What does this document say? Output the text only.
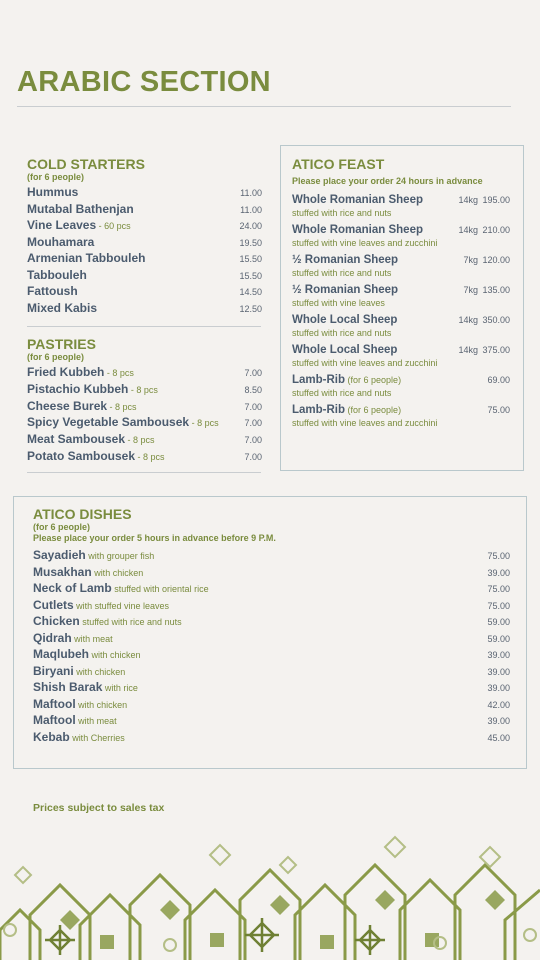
ARABIC SECTION
COLD STARTERS
(for 6 people)
Hummus	11.00
Mutabal Bathenjan	11.00
Vine Leaves - 60 pcs	24.00
Mouhamara	19.50
Armenian Tabbouleh	15.50
Tabbouleh	15.50
Fattoush	14.50
Mixed Kabis	12.50
PASTRIES
(for 6 people)
Fried Kubbeh - 8 pcs	7.00
Pistachio Kubbeh - 8 pcs	8.50
Cheese Burek - 8 pcs	7.00
Spicy Vegetable Sambousek - 8 pcs	7.00
Meat Sambousek - 8 pcs	7.00
Potato Sambousek - 8 pcs	7.00
ATICO FEAST
Please place your order 24 hours in advance
Whole Romanian Sheep	14kg 195.00
stuffed with rice and nuts
Whole Romanian Sheep	14kg 210.00
stuffed with vine leaves and zucchini
½ Romanian Sheep	7kg 120.00
stuffed with rice and nuts
½ Romanian Sheep	7kg 135.00
stuffed with vine leaves
Whole Local Sheep	14kg 350.00
stuffed with rice and nuts
Whole Local Sheep	14kg 375.00
stuffed with vine leaves and zucchini
Lamb-Rib (for 6 people)	69.00
stuffed with rice and nuts
Lamb-Rib (for 6 people)	75.00
stuffed with vine leaves and zucchini
ATICO DISHES
(for 6 people)
Please place your order 5 hours in advance before 9 P.M.
Sayadieh with grouper fish	75.00
Musakhan with chicken	39.00
Neck of Lamb stuffed with oriental rice	75.00
Cutlets with stuffed vine leaves	75.00
Chicken stuffed with rice and nuts	59.00
Qidrah with meat	59.00
Maqlubeh with chicken	39.00
Biryani with chicken	39.00
Shish Barak with rice	39.00
Maftool with chicken	42.00
Maftool with meat	39.00
Kebab with Cherries	45.00
Prices subject to sales tax
